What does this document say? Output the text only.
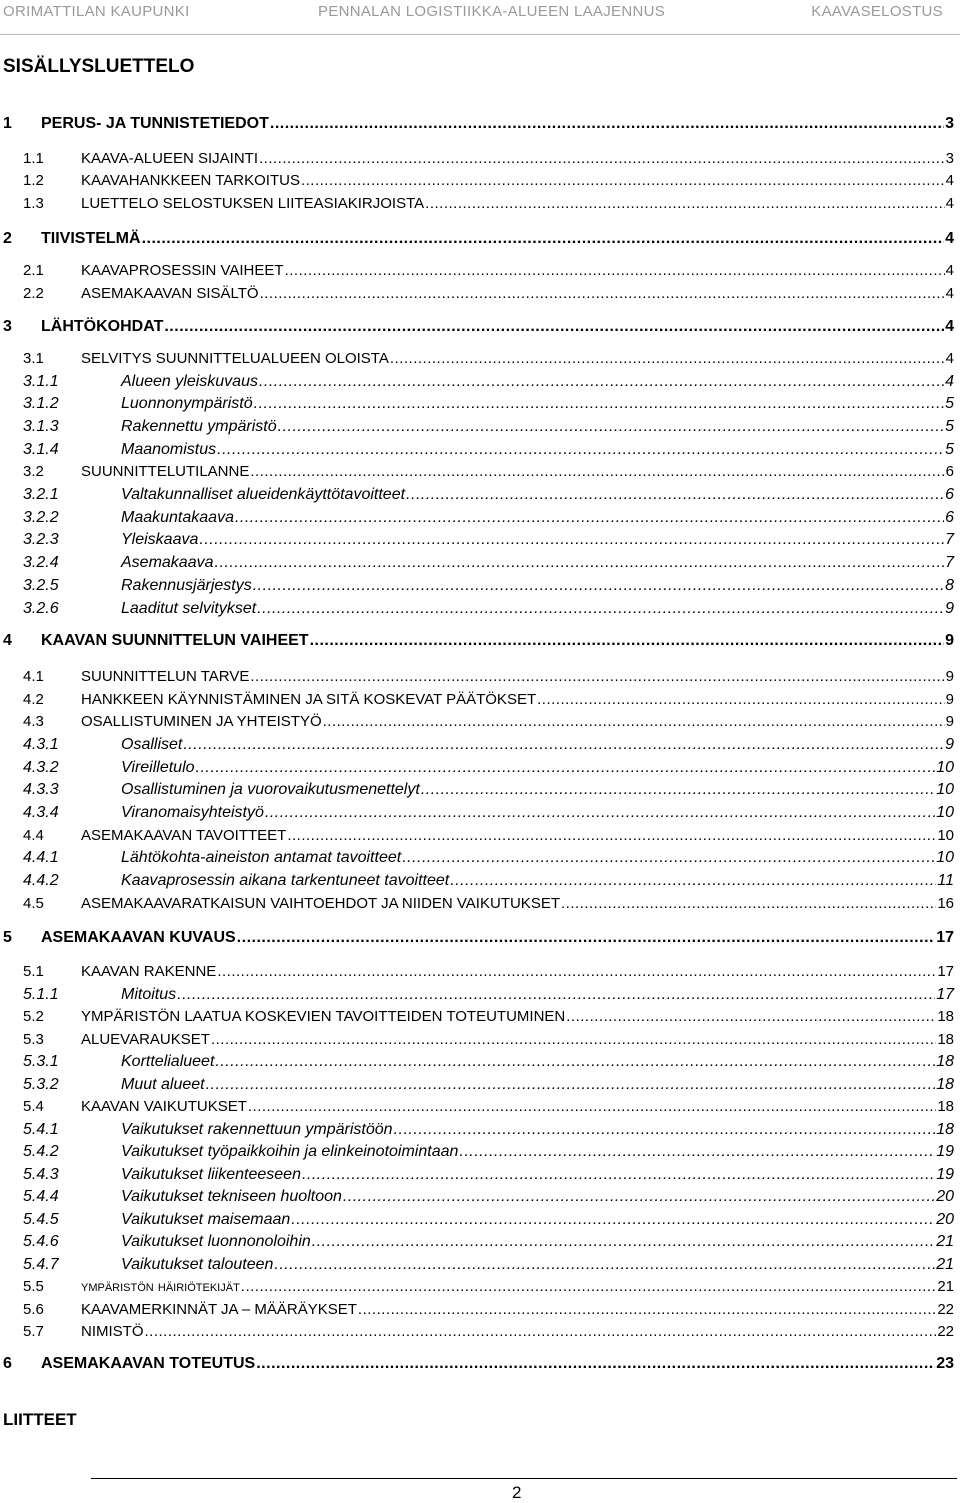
ORIMATTILAN KAUPUNKI	PENNALAN LOGISTIIKKA-ALUEEN LAAJENNUS	KAAVASELOSTUS
SISÄLLYSLUETTELO
1	PERUS- JA TUNNISTETIEDOT .....	3
1.1	KAAVA-ALUEEN SIJAINTI .....	3
1.2	KAAVAHANKKEEN TARKOITUS .....	4
1.3	LUETTELO SELOSTUKSEN LIITEASIAKIRJOISTA .....	4
2	TIIVISTELMÄ .....	4
2.1	KAAVAPROSESSIN VAIHEET .....	4
2.2	ASEMAKAAVAN SISÄLTÖ .....	4
3	LÄHTÖKOHDAT .....	4
3.1	SELVITYS SUUNNITTELUALUEEN OLOISTA .....	4
3.1.1	Alueen yleiskuvaus .....	4
3.1.2	Luonnonympäristö .....	5
3.1.3	Rakennettu ympäristö .....	5
3.1.4	Maanomistus .....	5
3.2	SUUNNITTELUTILANNE .....	6
3.2.1	Valtakunnalliset alueidenkäyttötavoitteet .....	6
3.2.2	Maakuntakaava .....	6
3.2.3	Yleiskaava .....	7
3.2.4	Asemakaava .....	7
3.2.5	Rakennusjärjestys .....	8
3.2.6	Laaditut selvitykset .....	9
4	KAAVAN SUUNNITTELUN VAIHEET .....	9
4.1	SUUNNITTELUN TARVE .....	9
4.2	HANKKEEN KÄYNNISTÄMINEN JA SITÄ KOSKEVAT PÄÄTÖKSET .....	9
4.3	OSALLISTUMINEN JA YHTEISTYÖ .....	9
4.3.1	Osalliset .....	9
4.3.2	Vireilletulo .....	10
4.3.3	Osallistuminen ja vuorovaikutusmenettelyt .....	10
4.3.4	Viranomaisyhteistyö .....	10
4.4	ASEMAKAAVAN TAVOITTEET .....	10
4.4.1	Lähtökohta-aineiston antamat tavoitteet .....	10
4.4.2	Kaavaprosessin aikana tarkentuneet tavoitteet .....	11
4.5	ASEMAKAAVARATKAISUN VAIHTOEHDOT JA NIIDEN VAIKUTUKSET .....	16
5	ASEMAKAAVAN KUVAUS .....	17
5.1	KAAVAN RAKENNE .....	17
5.1.1	Mitoitus .....	17
5.2	YMPÄRISTÖN LAATUA KOSKEVIEN TAVOITTEIDEN TOTEUTUMINEN .....	18
5.3	ALUEVARAUKSET .....	18
5.3.1	Korttelialueet .....	18
5.3.2	Muut alueet .....	18
5.4	KAAVAN VAIKUTUKSET .....	18
5.4.1	Vaikutukset rakennettuun ympäristöön .....	18
5.4.2	Vaikutukset työpaikkoihin ja elinkeinotoimintaan .....	19
5.4.3	Vaikutukset liikenteeseen .....	19
5.4.4	Vaikutukset tekniseen huoltoon .....	20
5.4.5	Vaikutukset maisemaan .....	20
5.4.6	Vaikutukset luonnonoloihin .....	21
5.4.7	Vaikutukset talouteen .....	21
5.5	ympäristön häiriötekijät .....	21
5.6	KAAVAMERKINNÄT JA – MÄÄRÄYKSET .....	22
5.7	NIMISTÖ .....	22
6	ASEMAKAAVAN TOTEUTUS .....	23
LIITTEET
2
